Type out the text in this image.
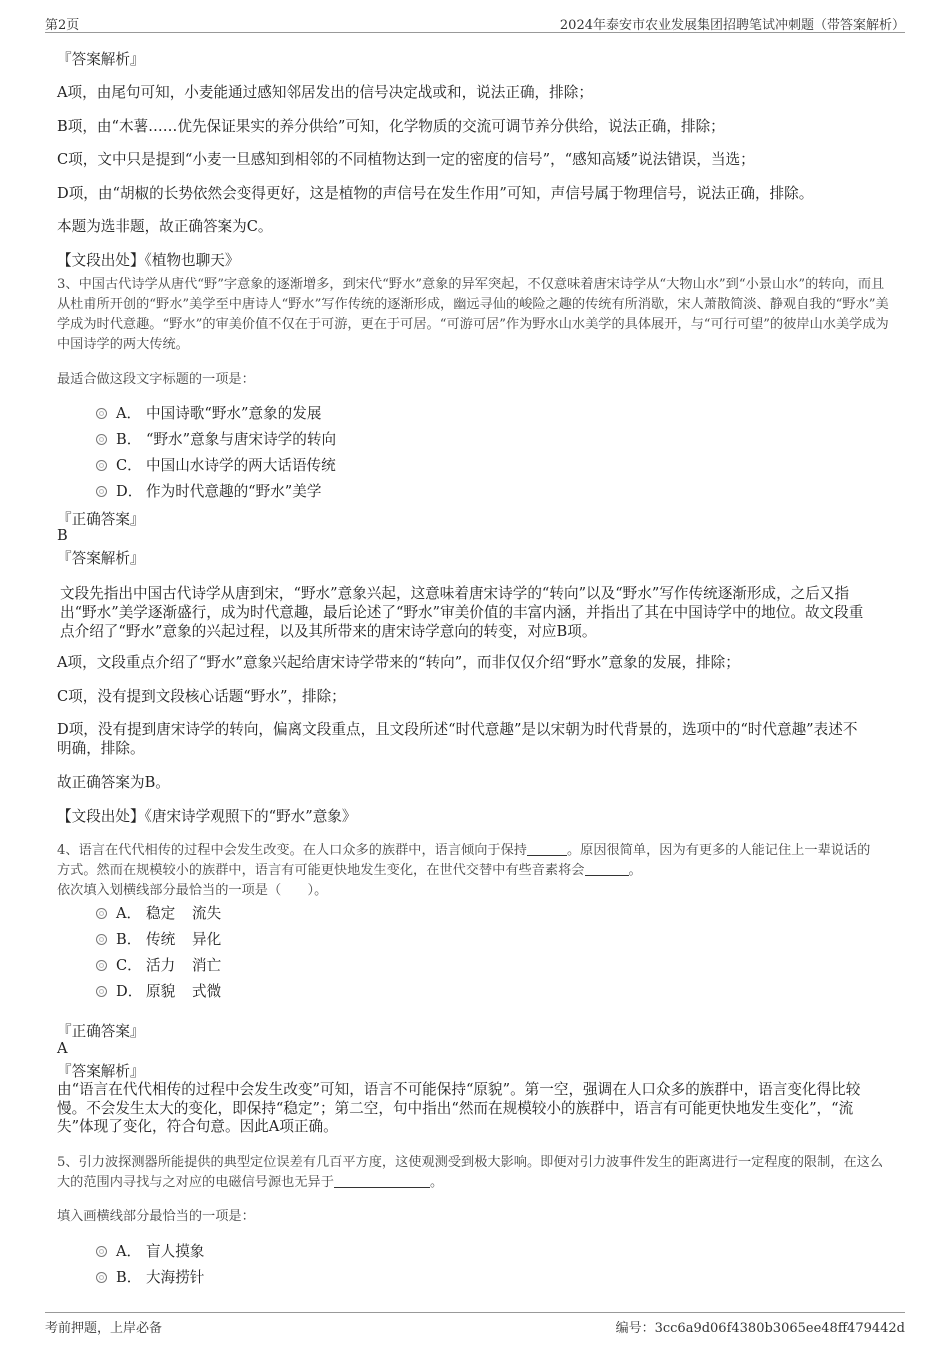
第2页	2024年泰安市农业发展集团招聘笔试冲刺题（带答案解析）

『答案解析』

A项，由尾句可知，小麦能通过感知邻居发出的信号决定战或和，说法正确，排除；

B项，由“木薯……优先保证果实的养分供给”可知，化学物质的交流可调节养分供给，说法正确，排除；

C项，文中只是提到“小麦一旦感知到相邻的不同植物达到一定的密度的信号”，“感知高矮”说法错误，当选；

D项，由“胡椒的长势依然会变得更好，这是植物的声信号在发生作用”可知，声信号属于物理信号，说法正确，排除。

本题为选非题，故正确答案为C。

【文段出处】《植物也聊天》

3、中国古代诗学从唐代“野”字意象的逐渐增多，到宋代“野水”意象的异军突起，不仅意味着唐宋诗学从“大物山水”到“小景山水”的转向，而且

从杜甫所开创的“野水”美学至中唐诗人“野水”写作传统的逐渐形成，幽远寻仙的峻险之趣的传统有所消歇，宋人萧散简淡、静观自我的“野水”美

学成为时代意趣。“野水”的审美价值不仅在于可游，更在于可居。“可游可居”作为野水山水美学的具体展开，与“可行可望”的彼岸山水美学成为

中国诗学的两大传统。

最适合做这段文字标题的一项是：

A． 中国诗歌“野水”意象的发展
B． “野水”意象与唐宋诗学的转向
C． 中国山水诗学的两大话语传统
D． 作为时代意趣的“野水”美学

『正确答案』

B

『答案解析』

文段先指出中国古代诗学从唐到宋，“野水”意象兴起，这意味着唐宋诗学的“转向”以及“野水”写作传统逐渐形成，之后又指

出“野水”美学逐渐盛行，成为时代意趣，最后论述了“野水”审美价值的丰富内涵，并指出了其在中国诗学中的地位。故文段重

点介绍了“野水”意象的兴起过程，以及其所带来的唐宋诗学意向的转变，对应B项。

A项，文段重点介绍了“野水”意象兴起给唐宋诗学带来的“转向”，而非仅仅介绍“野水”意象的发展，排除；

C项，没有提到文段核心话题“野水”，排除；

D项，没有提到唐宋诗学的转向，偏离文段重点，且文段所述“时代意趣”是以宋朝为时代背景的，选项中的“时代意趣”表述不

明确，排除。

故正确答案为B。

【文段出处】《唐宋诗学观照下的“野水”意象》

4、语言在代代相传的过程中会发生改变。在人口众多的族群中，语言倾向于保持	。原因很简单，因为有更多的人能记住上一辈说话的

方式。然而在规模较小的族群中，语言有可能更快地发生变化，在世代交替中有些音素将会	。

依次填入划横线部分最恰当的一项是（　　）。

A． 稳定 流失
B． 传统 异化
C． 活力 消亡
D． 原貌 式微

『正确答案』

A

『答案解析』

由“语言在代代相传的过程中会发生改变”可知，语言不可能保持“原貌”。第一空，强调在人口众多的族群中，语言变化得比较

慢。不会发生太大的变化，即保持“稳定”；第二空，句中指出“然而在规模较小的族群中，语言有可能更快地发生变化”，“流

失”体现了变化，符合句意。因此A项正确。

5、引力波探测器所能提供的典型定位误差有几百平方度，这使观测受到极大影响。即便对引力波事件发生的距离进行一定程度的限制，在这么

大的范围内寻找与之对应的电磁信号源也无异于	。

填入画横线部分最恰当的一项是：

A． 盲人摸象
B． 大海捞针
考前押题，上岸必备	编号：3cc6a9d06f4380b3065ee48ff479442d
